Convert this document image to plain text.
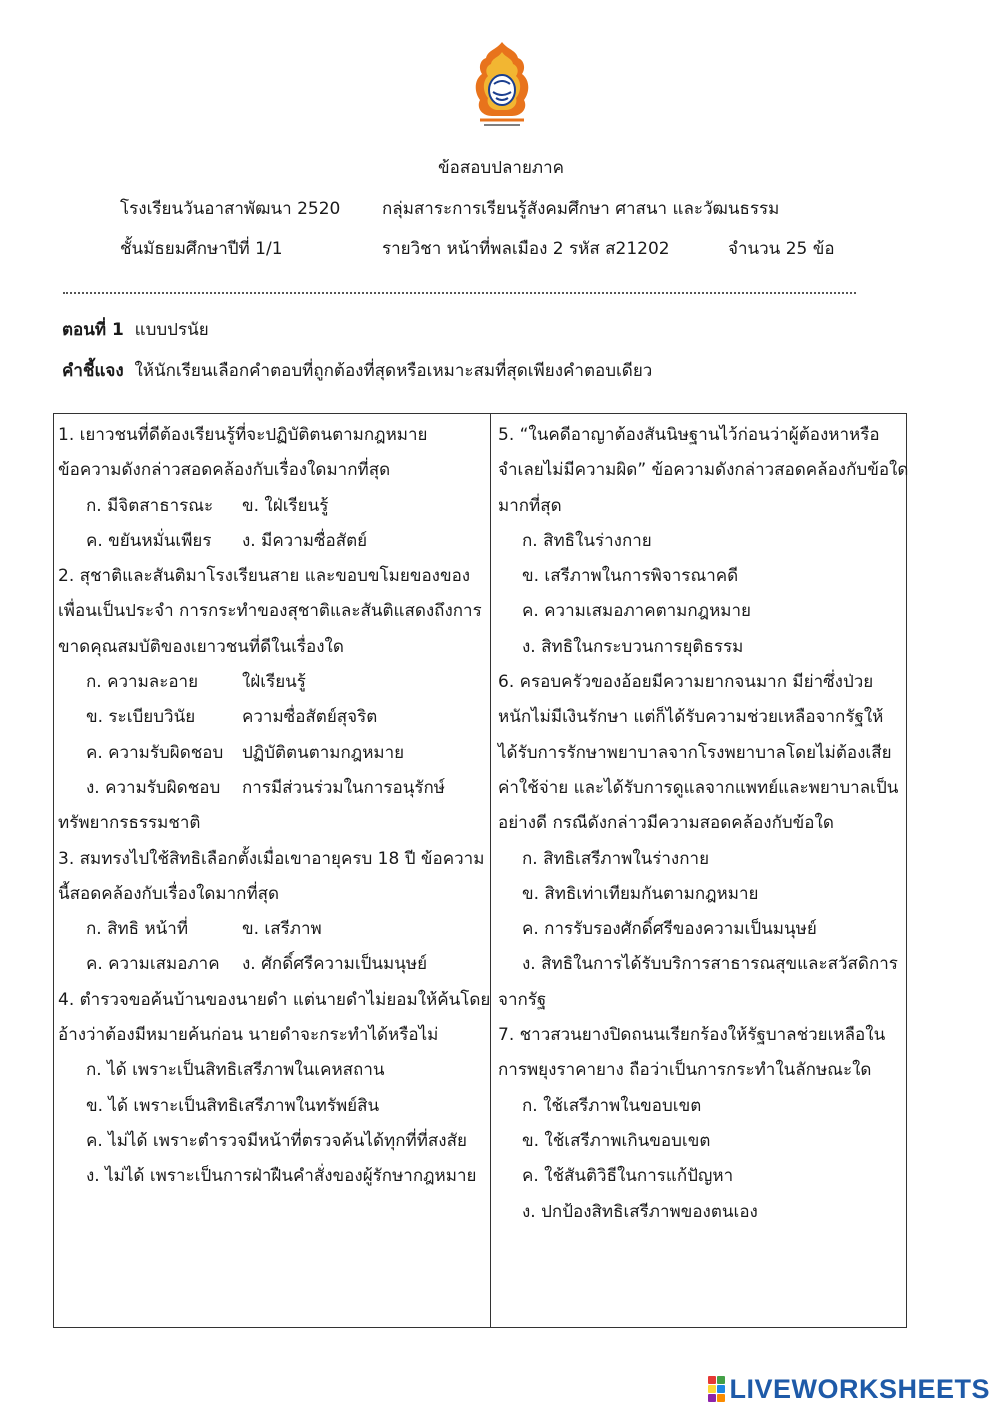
ข้อสอบปลายภาค
โรงเรียนวันอาสาพัฒนา 2520 กลุ่มสาระการเรียนรู้สังคมศึกษา ศาสนา และวัฒนธรรม
ชั้นมัธยมศึกษาปีที่ 1/1	รายวิชา หน้าที่พลเมือง 2 รหัส ส21202	จำนวน 25 ข้อ
ตอนที่ 1 แบบปรนัย
คำชี้แจง ให้นักเรียนเลือกคำตอบที่ถูกต้องที่สุดหรือเหมาะสมที่สุดเพียงคำตอบเดียว
1. เยาวชนที่ดีต้องเรียนรู้ที่จะปฏิบัติตนตามกฎหมาย
ข้อความดังกล่าวสอดคล้องกับเรื่องใดมากที่สุด
ก. มีจิตสาธารณะ ข. ใฝ่เรียนรู้
ค. ขยันหมั่นเพียร ง. มีความซื่อสัตย์
2. สุชาติและสันติมาโรงเรียนสาย และขอบขโมยของของ
เพื่อนเป็นประจำ การกระทำของสุชาติและสันติแสดงถึงการ
ขาดคุณสมบัติของเยาวชนที่ดีในเรื่องใด
ก. ความละอาย	ใฝ่เรียนรู้
ข. ระเบียบวินัย	ความซื่อสัตย์สุจริต
ค. ความรับผิดชอบ ปฏิบัติตนตามกฎหมาย
ง. ความรับผิดชอบ การมีส่วนร่วมในการอนุรักษ์
ทรัพยากรธรรมชาติ
3. สมทรงไปใช้สิทธิเลือกตั้งเมื่อเขาอายุครบ 18 ปี ข้อความ
นี้สอดคล้องกับเรื่องใดมากที่สุด
ก. สิทธิ หน้าที่	ข. เสรีภาพ
ค. ความเสมอภาค ง. ศักดิ์ศรีความเป็นมนุษย์
4. ตำรวจขอค้นบ้านของนายดำ แต่นายดำไม่ยอมให้ค้นโดย
อ้างว่าต้องมีหมายค้นก่อน นายดำจะกระทำได้หรือไม่
ก. ได้ เพราะเป็นสิทธิเสรีภาพในเคหสถาน
ข. ได้ เพราะเป็นสิทธิเสรีภาพในทรัพย์สิน
ค. ไม่ได้ เพราะตำรวจมีหน้าที่ตรวจค้นได้ทุกที่ที่สงสัย
ง. ไม่ได้ เพราะเป็นการฝ่าฝืนคำสั่งของผู้รักษากฎหมาย
5. “ในคดีอาญาต้องสันนิษฐานไว้ก่อนว่าผู้ต้องหาหรือ
จำเลยไม่มีความผิด” ข้อความดังกล่าวสอดคล้องกับข้อใด
มากที่สุด
ก. สิทธิในร่างกาย
ข. เสรีภาพในการพิจารณาคดี
ค. ความเสมอภาคตามกฎหมาย
ง. สิทธิในกระบวนการยุติธรรม
6. ครอบครัวของอ้อยมีความยากจนมาก มีย่าซึ่งป่วย
หนักไม่มีเงินรักษา แต่ก็ได้รับความช่วยเหลือจากรัฐให้
ได้รับการรักษาพยาบาลจากโรงพยาบาลโดยไม่ต้องเสีย
ค่าใช้จ่าย และได้รับการดูแลจากแพทย์และพยาบาลเป็น
อย่างดี กรณีดังกล่าวมีความสอดคล้องกับข้อใด
ก. สิทธิเสรีภาพในร่างกาย
ข. สิทธิเท่าเทียมกันตามกฎหมาย
ค. การรับรองศักดิ์ศรีของความเป็นมนุษย์
ง. สิทธิในการได้รับบริการสาธารณสุขและสวัสดิการ
จากรัฐ
7. ชาวสวนยางปิดถนนเรียกร้องให้รัฐบาลช่วยเหลือใน
การพยุงราคายาง ถือว่าเป็นการกระทำในลักษณะใด
ก. ใช้เสรีภาพในขอบเขต
ข. ใช้เสรีภาพเกินขอบเขต
ค. ใช้สันติวิธีในการแก้ปัญหา
ง. ปกป้องสิทธิเสรีภาพของตนเอง
LIVEWORKSHEETS
